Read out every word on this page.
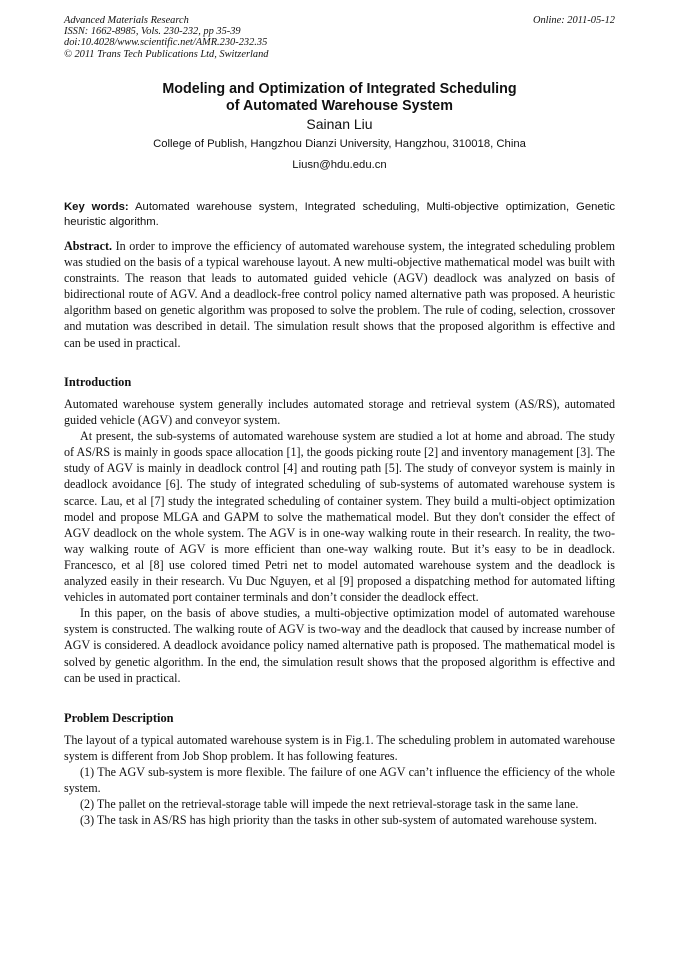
Advanced Materials Research
ISSN: 1662-8985, Vols. 230-232, pp 35-39
doi:10.4028/www.scientific.net/AMR.230-232.35
© 2011 Trans Tech Publications Ltd, Switzerland
Online: 2011-05-12
Modeling and Optimization of Integrated Scheduling
of Automated Warehouse System
Sainan Liu
College of Publish, Hangzhou Dianzi University, Hangzhou, 310018, China
Liusn@hdu.edu.cn
Key words: Automated warehouse system, Integrated scheduling, Multi-objective optimization, Genetic heuristic algorithm.

Abstract. In order to improve the efficiency of automated warehouse system, the integrated scheduling problem was studied on the basis of a typical warehouse layout. A new multi-objective mathematical model was built with constraints. The reason that leads to automated guided vehicle (AGV) deadlock was analyzed on basis of bidirectional route of AGV. And a deadlock-free control policy named alternative path was proposed. A heuristic algorithm based on genetic algorithm was proposed to solve the problem. The rule of coding, selection, crossover and mutation was described in detail. The simulation result shows that the proposed algorithm is effective and can be used in practical.

Introduction

Automated warehouse system generally includes automated storage and retrieval system (AS/RS), automated guided vehicle (AGV) and conveyor system.

At present, the sub-systems of automated warehouse system are studied a lot at home and abroad. The study of AS/RS is mainly in goods space allocation [1], the goods picking route [2] and inventory management [3]. The study of AGV is mainly in deadlock control [4] and routing path [5]. The study of conveyor system is mainly in deadlock avoidance [6]. The study of integrated scheduling of sub-systems of automated warehouse system is scarce. Lau, et al [7] study the integrated scheduling of container system. They build a multi-object optimization model and propose MLGA and GAPM to solve the mathematical model. But they don't consider the effect of AGV deadlock on the whole system. The AGV is in one-way walking route in their research. In reality, the two-way walking route of AGV is more efficient than one-way walking route. But it’s easy to be in deadlock. Francesco, et al [8] use colored timed Petri net to model automated warehouse system and the deadlock is analyzed easily in their research. Vu Duc Nguyen, et al [9] proposed a dispatching method for automated lifting vehicles in automated port container terminals and don’t consider the deadlock effect.

In this paper, on the basis of above studies, a multi-objective optimization model of automated warehouse system is constructed. The walking route of AGV is two-way and the deadlock that caused by increase number of AGV is considered. A deadlock avoidance policy named alternative path is proposed. The mathematical model is solved by genetic algorithm. In the end, the simulation result shows that the proposed algorithm is effective and can be used in practical.

Problem Description

The layout of a typical automated warehouse system is in Fig.1. The scheduling problem in automated warehouse system is different from Job Shop problem. It has following features.

(1) The AGV sub-system is more flexible. The failure of one AGV can’t influence the efficiency of the whole system.

(2) The pallet on the retrieval-storage table will impede the next retrieval-storage task in the same lane.

(3) The task in AS/RS has high priority than the tasks in other sub-system of automated warehouse system.
